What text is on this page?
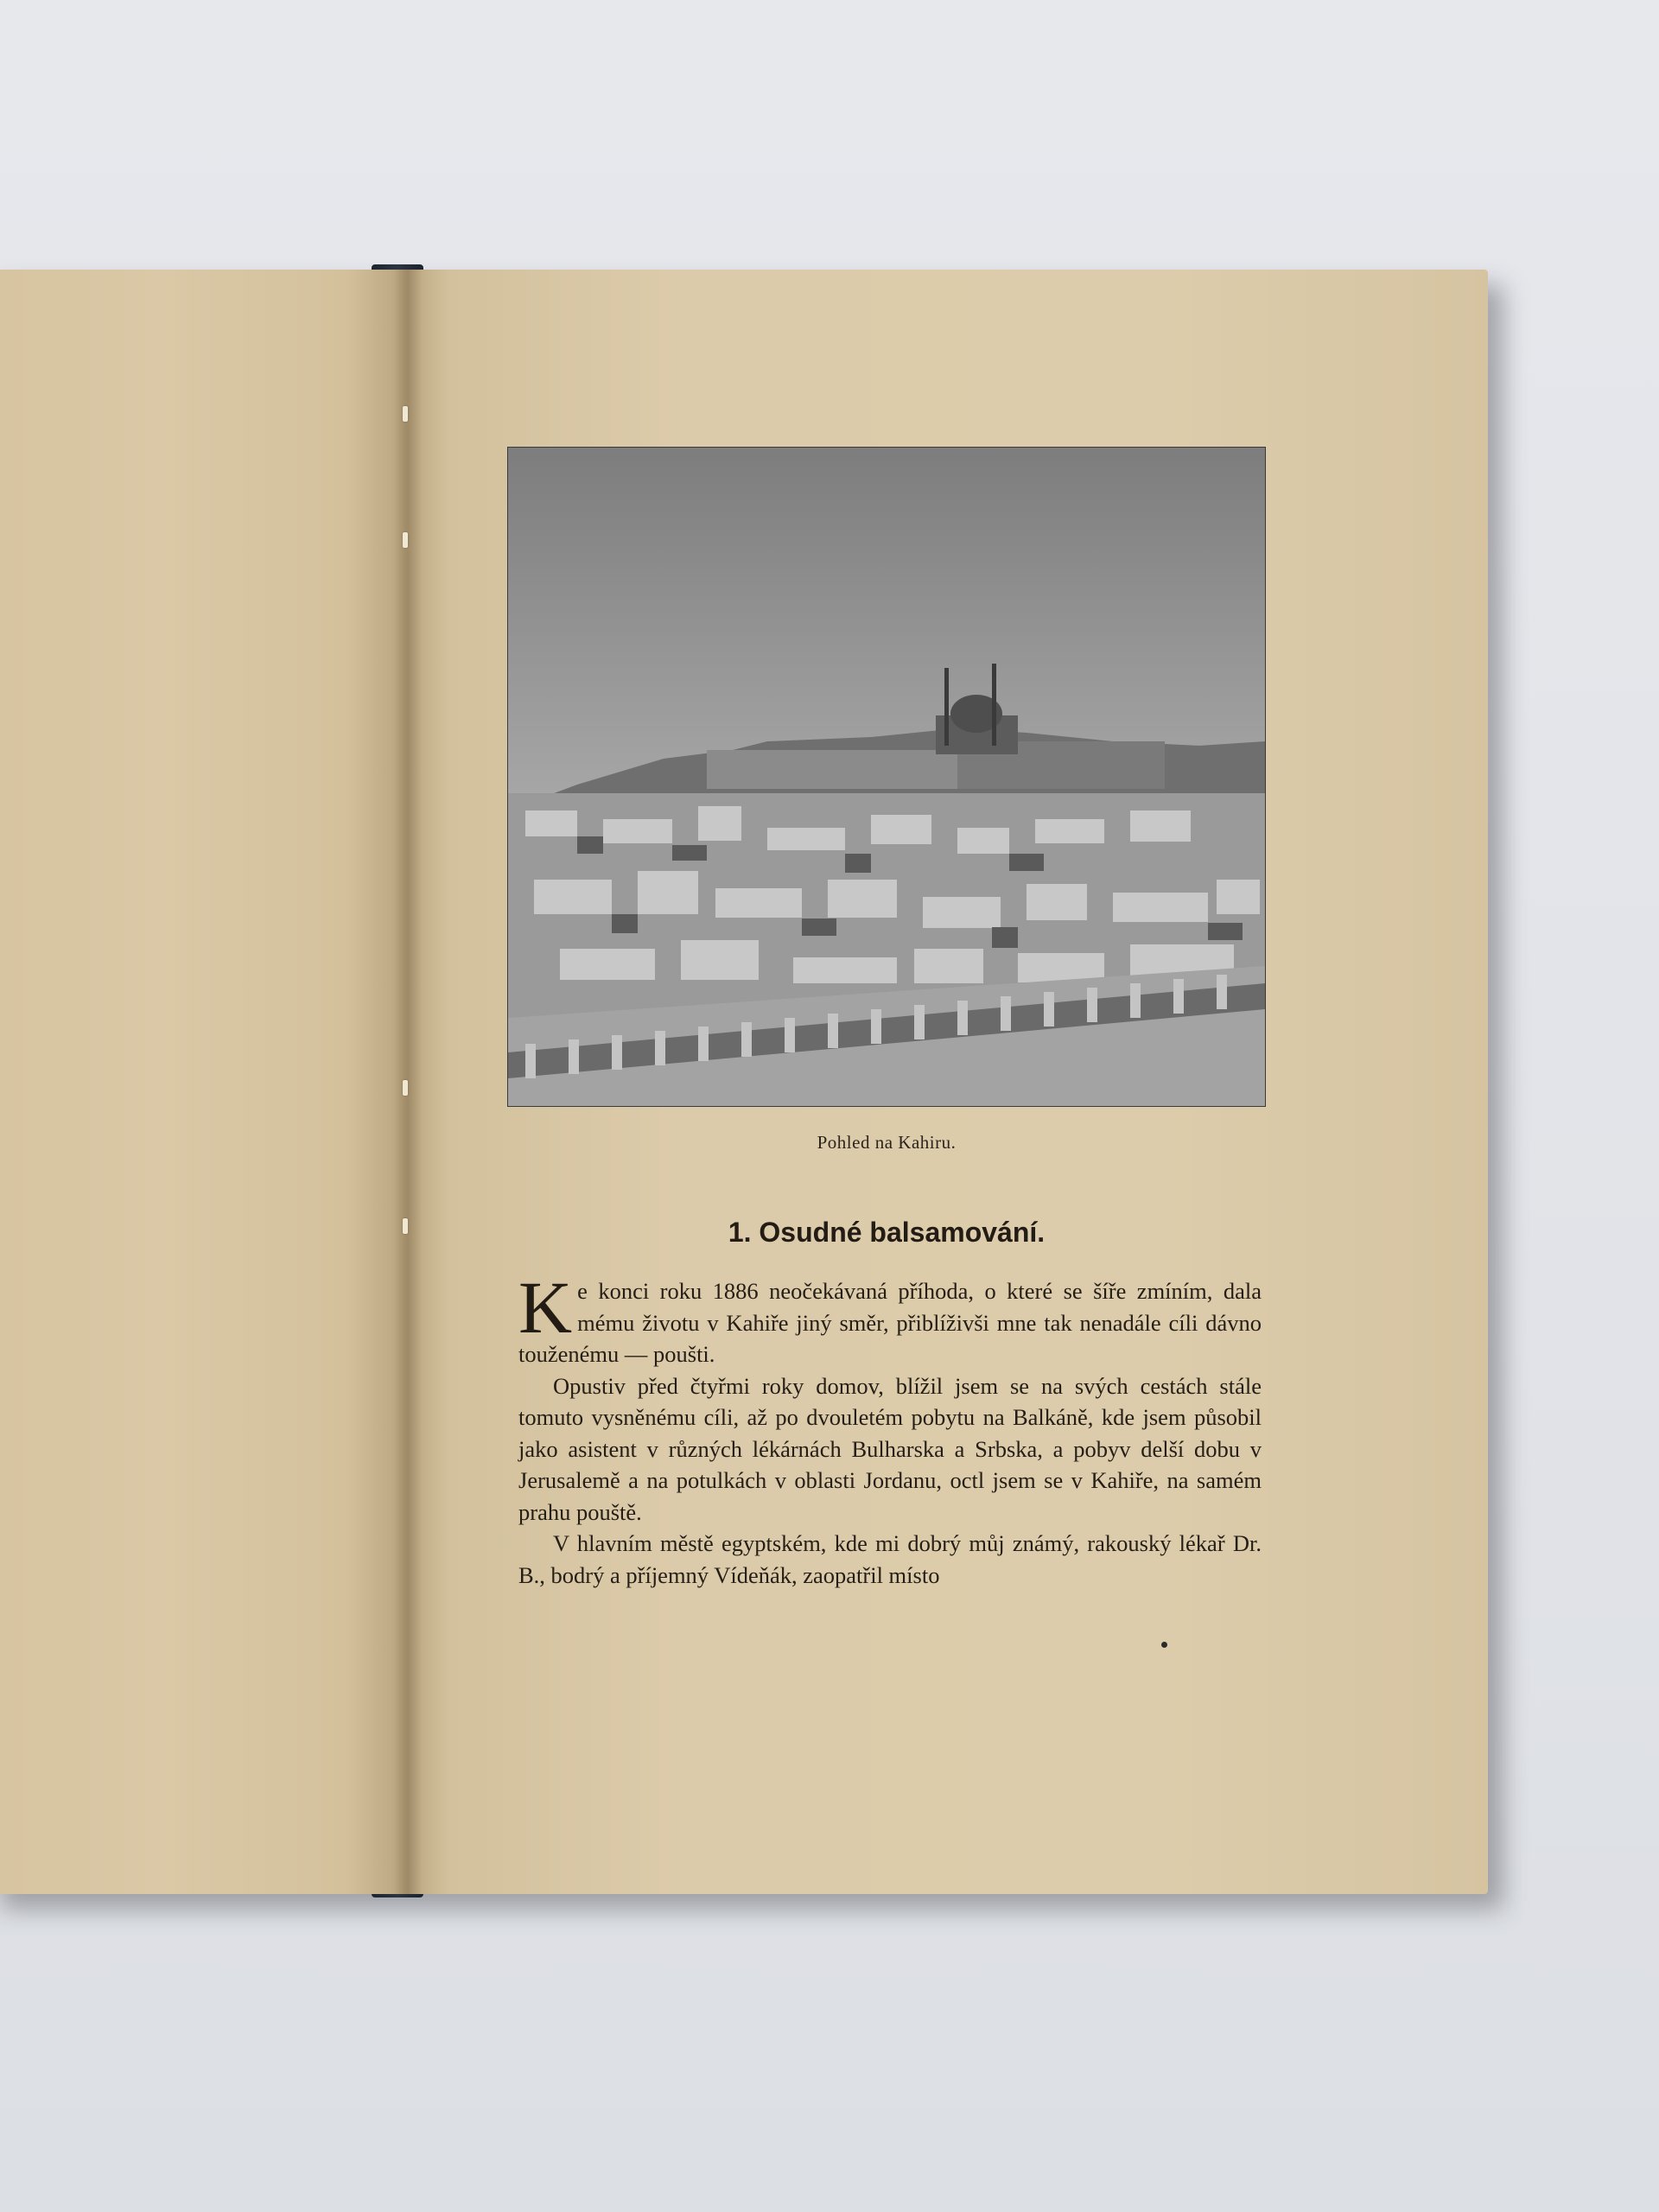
Pohled na Kahiru.
1. Osudné balsamování.

Ke konci roku 1886 neočekávaná příhoda, o které se šíře zmíním, dala mému životu v Kahiře jiný směr, přiblíživši mne tak nenadále cíli dávno touženému — poušti.

Opustiv před čtyřmi roky domov, blížil jsem se na svých cestách stále tomuto vysněnému cíli, až po dvouletém pobytu na Balkáně, kde jsem působil jako asistent v různých lékárnách Bulharska a Srbska, a pobyv delší dobu v Jerusalemě a na potulkách v oblasti Jordanu, octl jsem se v Kahiře, na samém prahu pouště.

V hlavním městě egyptském, kde mi dobrý můj známý, rakouský lékař Dr. B., bodrý a příjemný Vídeňák, zaopatřil místo
